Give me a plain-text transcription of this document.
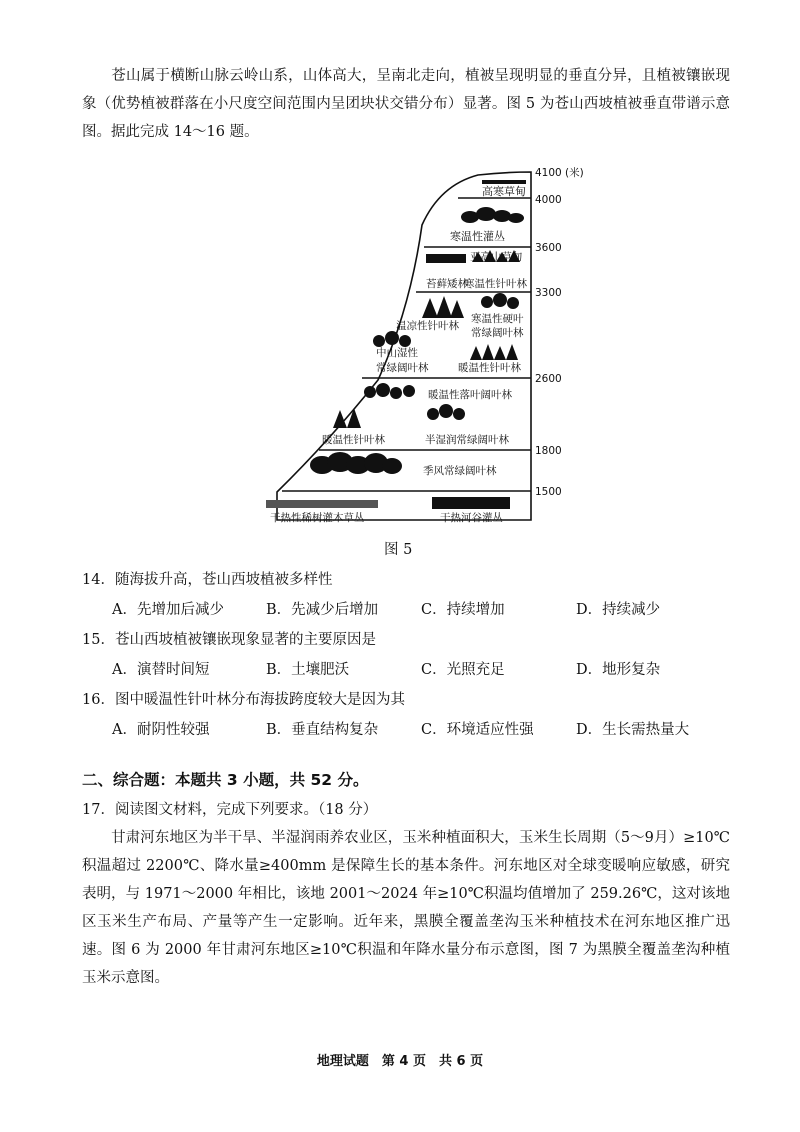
苍山属于横断山脉云岭山系，山体高大，呈南北走向，植被呈现明显的垂直分异，且植被镶嵌现象（优势植被群落在小尺度空间范围内呈团块状交错分布）显著。图 5 为苍山西坡植被垂直带谱示意图。据此完成 14～16 题。
高寒草甸
寒温性灌丛
亚高山草甸
苔藓矮林
寒温性针叶林
温凉性针叶林
寒温性硬叶
常绿阔叶林
中山湿性
常绿阔叶林	暖温性针叶林
暖温性落叶阔叶林
暖温性针叶林	半湿润常绿阔叶林
季风常绿阔叶林
干热性稀树灌木草丛	干热河谷灌丛
4100 (米)
4000
3600
3300
2600
1800
1500
图 5
14．随海拔升高，苍山西坡植被多样性
A．先增加后减少	B．先减少后增加	C．持续增加	D．持续减少
15．苍山西坡植被镶嵌现象显著的主要原因是
A．演替时间短	B．土壤肥沃	C．光照充足	D．地形复杂
16．图中暖温性针叶林分布海拔跨度较大是因为其
A．耐阴性较强	B．垂直结构复杂	C．环境适应性强	D．生长需热量大
二、综合题：本题共 3 小题，共 52 分。
17．阅读图文材料，完成下列要求。（18 分）
甘肃河东地区为半干旱、半湿润雨养农业区，玉米种植面积大，玉米生长周期（5～9月）≥10℃积温超过 2200℃、降水量≥400mm 是保障生长的基本条件。河东地区对全球变暖响应敏感，研究表明，与 1971～2000 年相比，该地 2001～2024 年≥10℃积温均值增加了 259.26℃，这对该地区玉米生产布局、产量等产生一定影响。近年来，黑膜全覆盖垄沟玉米种植技术在河东地区推广迅速。图 6 为 2000 年甘肃河东地区≥10℃积温和年降水量分布示意图，图 7 为黑膜全覆盖垄沟种植玉米示意图。
地理试题　第 4 页　共 6 页
